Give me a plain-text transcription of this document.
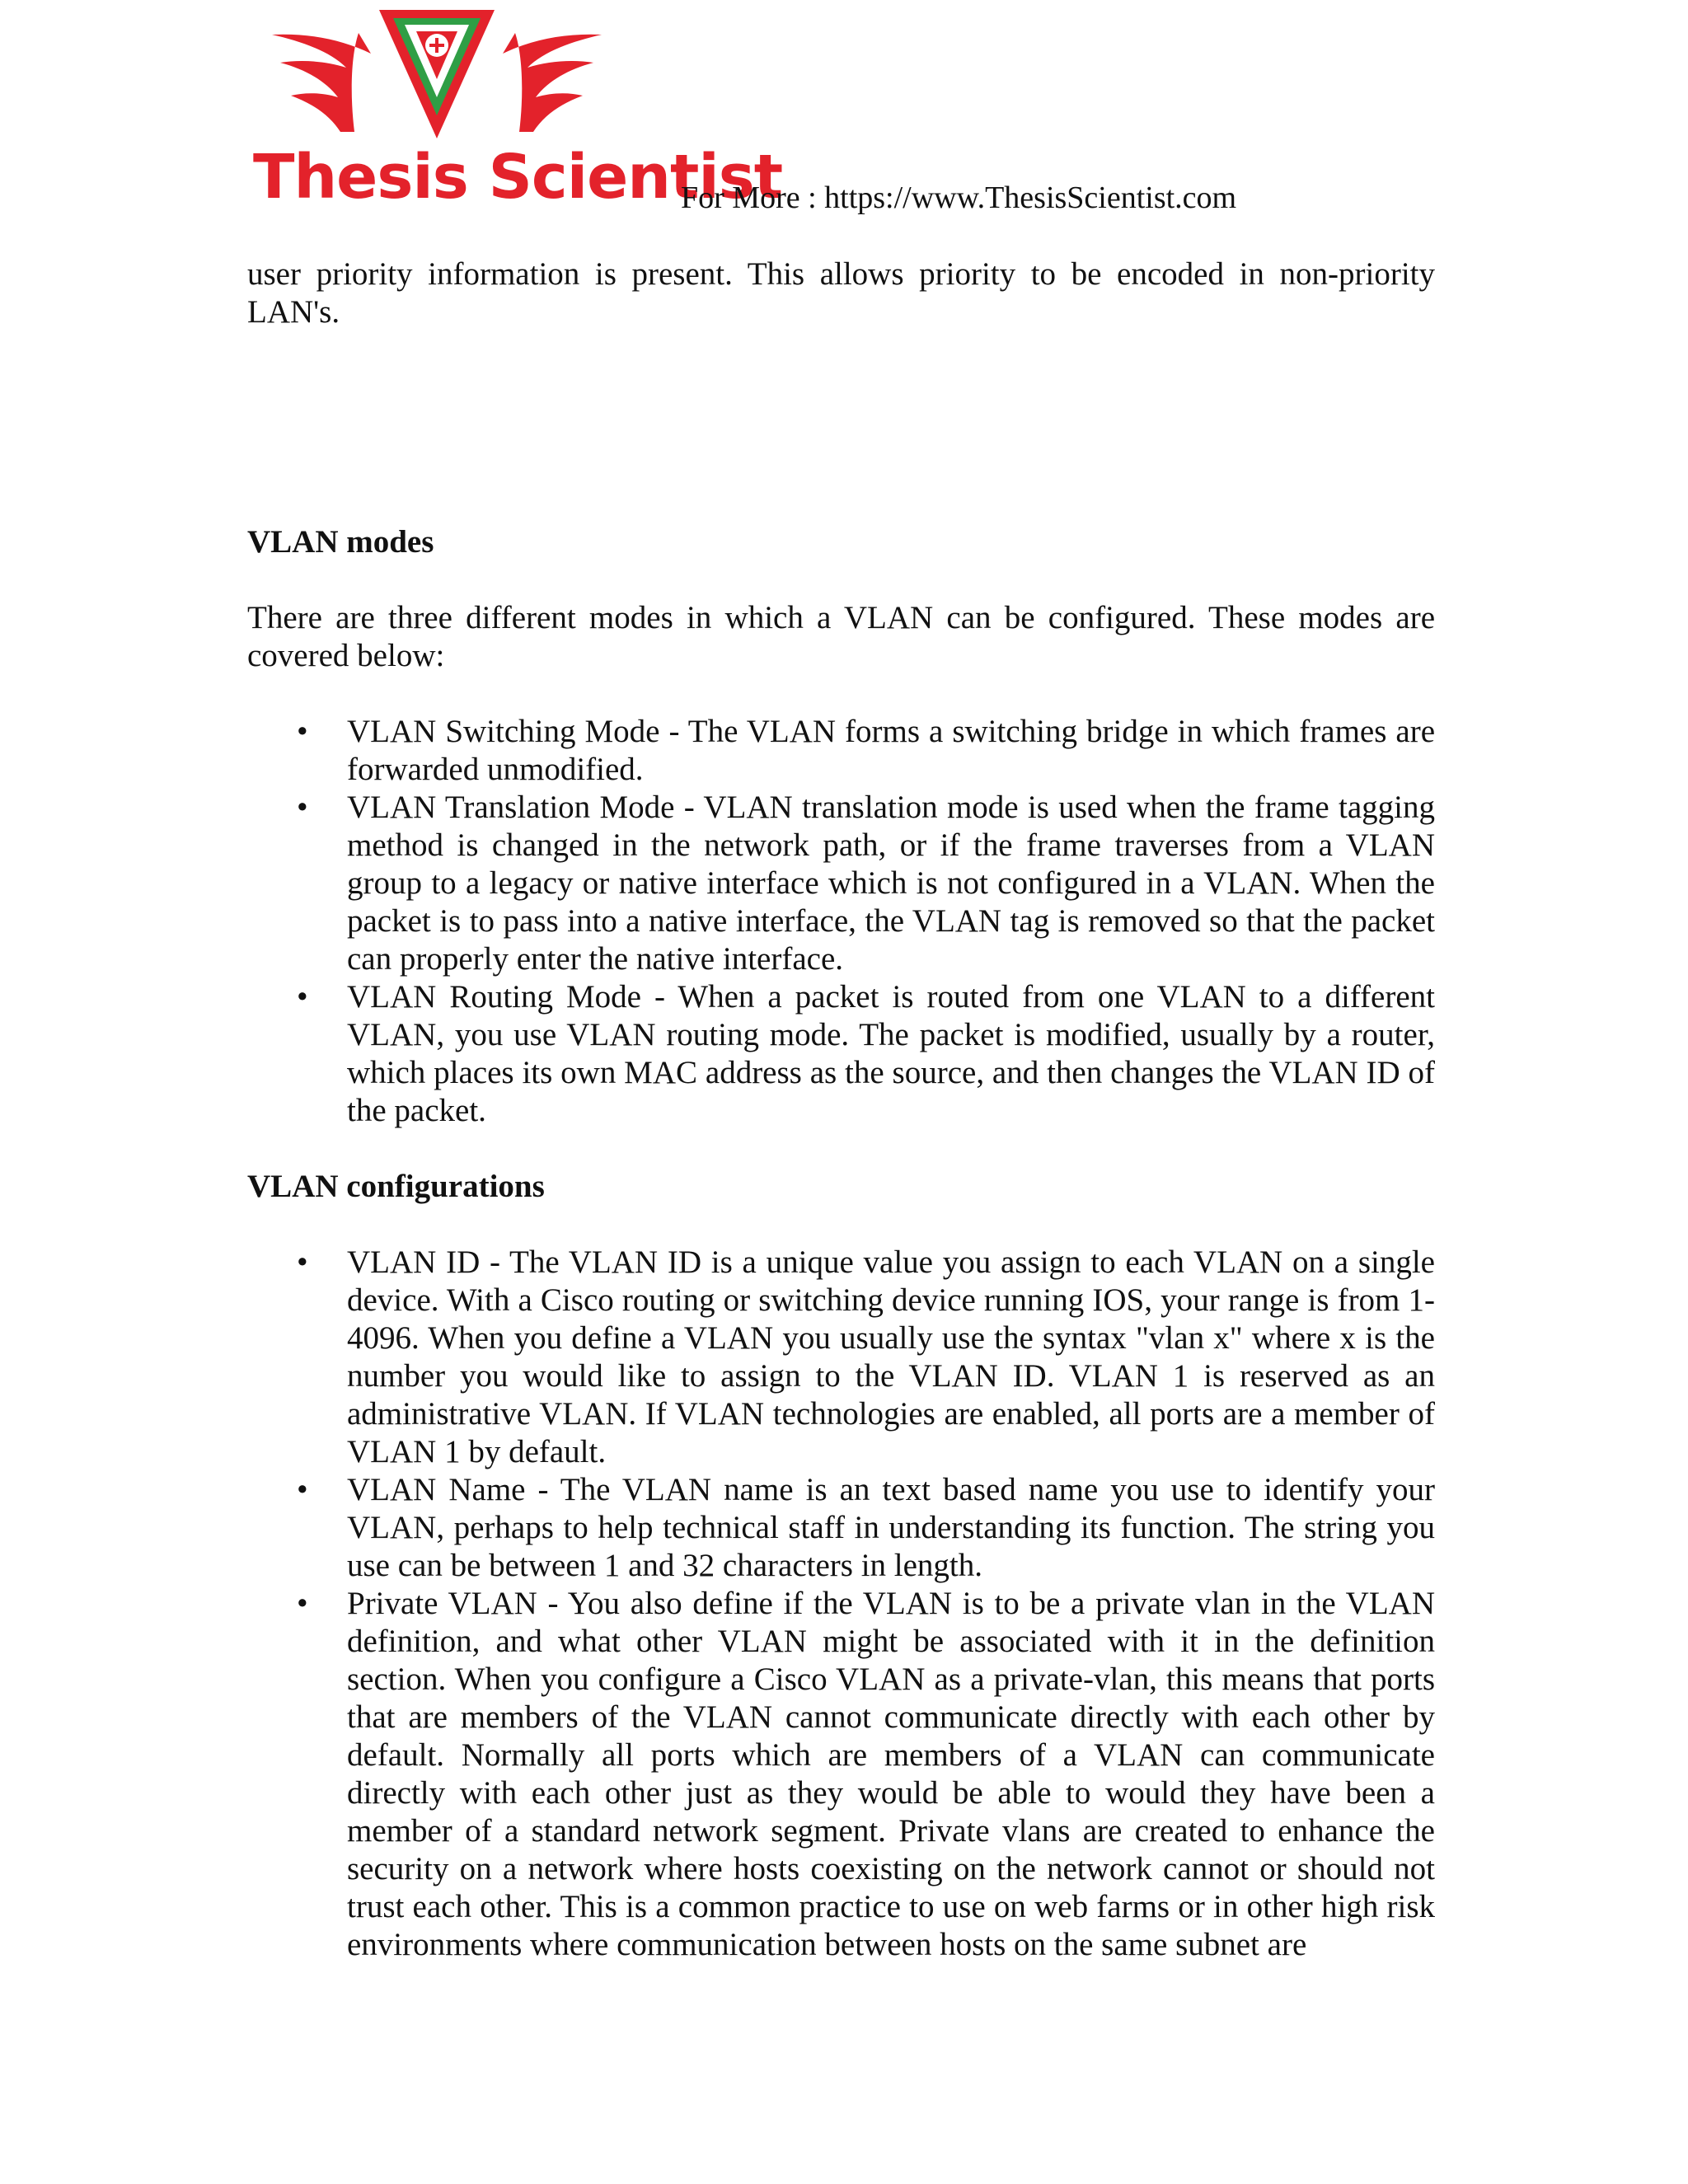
Thesis Scientist
For More : https://www.ThesisScientist.com

user priority information is present. This allows priority to be encoded in non-priority LAN's.

VLAN modes

There are three different modes in which a VLAN can be configured. These modes are covered below:

• VLAN Switching Mode - The VLAN forms a switching bridge in which frames are forwarded unmodified.
• VLAN Translation Mode - VLAN translation mode is used when the frame tagging method is changed in the network path, or if the frame traverses from a VLAN group to a legacy or native interface which is not configured in a VLAN. When the packet is to pass into a native interface, the VLAN tag is removed so that the packet can properly enter the native interface.
• VLAN Routing Mode - When a packet is routed from one VLAN to a different VLAN, you use VLAN routing mode. The packet is modified, usually by a router, which places its own MAC address as the source, and then changes the VLAN ID of the packet.
VLAN configurations
• VLAN ID - The VLAN ID is a unique value you assign to each VLAN on a single device. With a Cisco routing or switching device running IOS, your range is from 1-4096. When you define a VLAN you usually use the syntax "vlan x" where x is the number you would like to assign to the VLAN ID. VLAN 1 is reserved as an administrative VLAN. If VLAN technologies are enabled, all ports are a member of VLAN 1 by default.
• VLAN Name - The VLAN name is an text based name you use to identify your VLAN, perhaps to help technical staff in understanding its function. The string you use can be between 1 and 32 characters in length.
• Private VLAN - You also define if the VLAN is to be a private vlan in the VLAN definition, and what other VLAN might be associated with it in the definition section. When you configure a Cisco VLAN as a private-vlan, this means that ports that are members of the VLAN cannot communicate directly with each other by default. Normally all ports which are members of a VLAN can communicate directly with each other just as they would be able to would they have been a member of a standard network segment. Private vlans are created to enhance the security on a network where hosts coexisting on the network cannot or should not trust each other. This is a common practice to use on web farms or in other high risk environments where communication between hosts on the same subnet are
